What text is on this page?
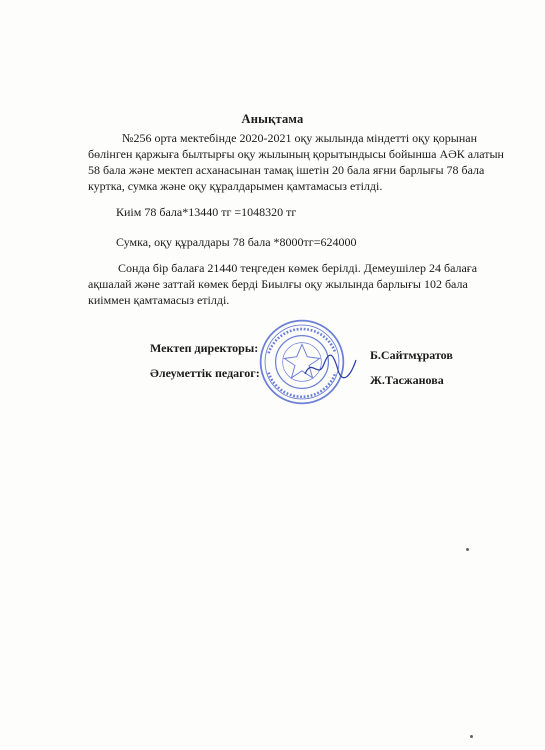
Анықтама

№256 орта мектебінде 2020-2021 оқу жылында міндетті оқу қорынан бөлінген қаржыға былтырғы оқу жылының қорытындысы бойынша АӘК алатын 58 бала және мектеп асханасынан тамақ ішетін 20 бала яғни барлығы 78 бала куртка, сумка және оқу құралдарымен қамтамасыз етілді.

Киім 78 бала*13440 тг =1048320 тг
Сумка, оқу құралдары 78 бала *8000тг=624000

Сонда бір балаға 21440 теңгеден көмек берілді. Демеушілер 24 балаға ақшалай және заттай көмек берді Биылғы оқу жылында барлығы 102 бала киіммен қамтамасыз етілді.

Мектеп директоры:	Б.Сайтмұратов
Әлеуметтік педагог:	Ж.Тасжанова
